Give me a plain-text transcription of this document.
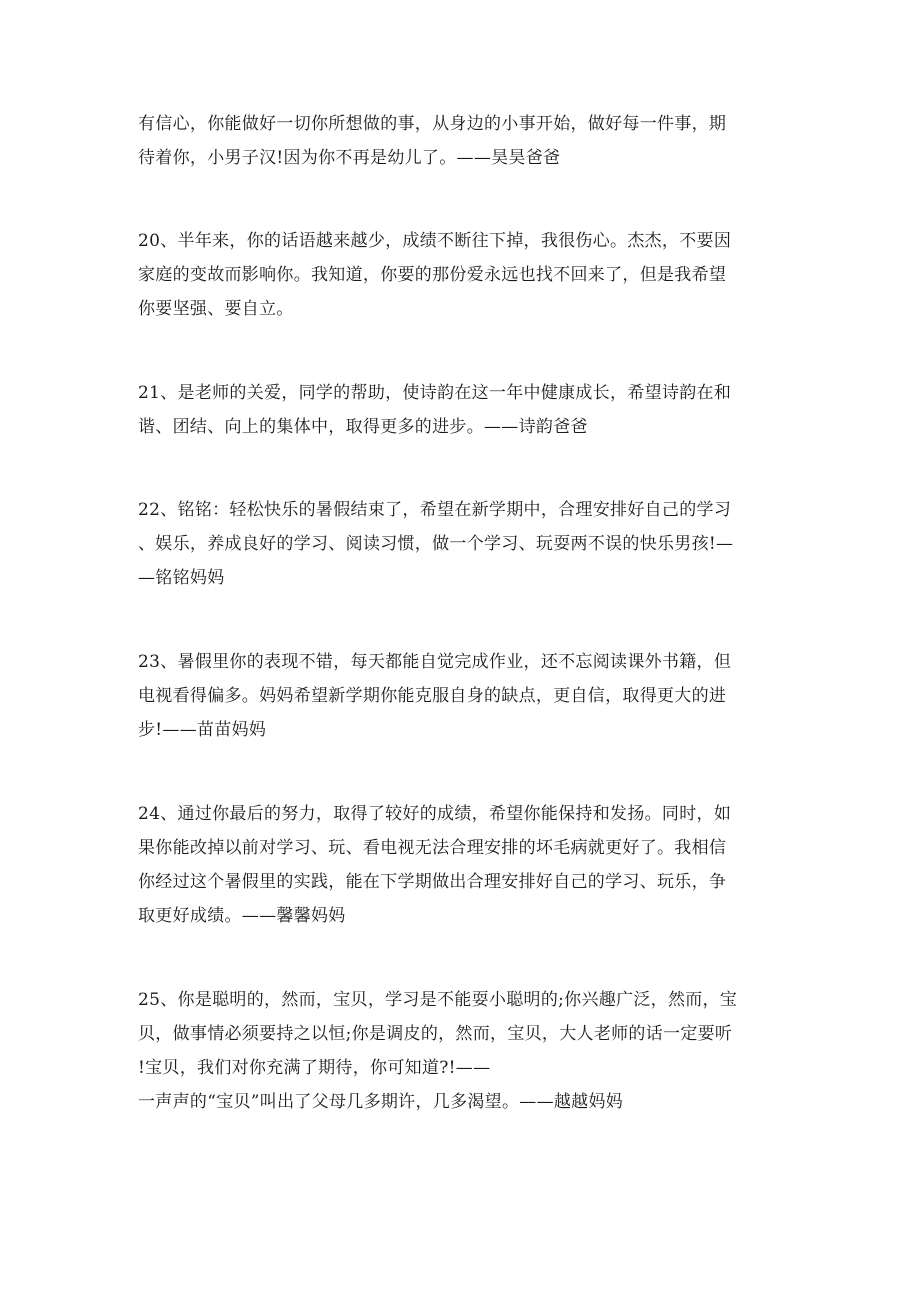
有信心，你能做好一切你所想做的事，从身边的小事开始，做好每一件事，期
待着你，小男子汉!因为你不再是幼儿了。——昊昊爸爸
20、半年来，你的话语越来越少，成绩不断往下掉，我很伤心。杰杰，不要因
家庭的变故而影响你。我知道，你要的那份爱永远也找不回来了，但是我希望
你要坚强、要自立。
21、是老师的关爱，同学的帮助，使诗韵在这一年中健康成长，希望诗韵在和
谐、团结、向上的集体中，取得更多的进步。——诗韵爸爸
22、铭铭：轻松快乐的暑假结束了，希望在新学期中，合理安排好自己的学习
、娱乐，养成良好的学习、阅读习惯，做一个学习、玩耍两不误的快乐男孩!—
—铭铭妈妈
23、暑假里你的表现不错，每天都能自觉完成作业，还不忘阅读课外书籍，但
电视看得偏多。妈妈希望新学期你能克服自身的缺点，更自信，取得更大的进
步!——苗苗妈妈
24、通过你最后的努力，取得了较好的成绩，希望你能保持和发扬。同时，如
果你能改掉以前对学习、玩、看电视无法合理安排的坏毛病就更好了。我相信
你经过这个暑假里的实践，能在下学期做出合理安排好自己的学习、玩乐，争
取更好成绩。——馨馨妈妈
25、你是聪明的，然而，宝贝，学习是不能耍小聪明的;你兴趣广泛，然而，宝
贝，做事情必须要持之以恒;你是调皮的，然而，宝贝，大人老师的话一定要听
!宝贝，我们对你充满了期待，你可知道?!——
一声声的“宝贝”叫出了父母几多期许，几多渴望。——越越妈妈
